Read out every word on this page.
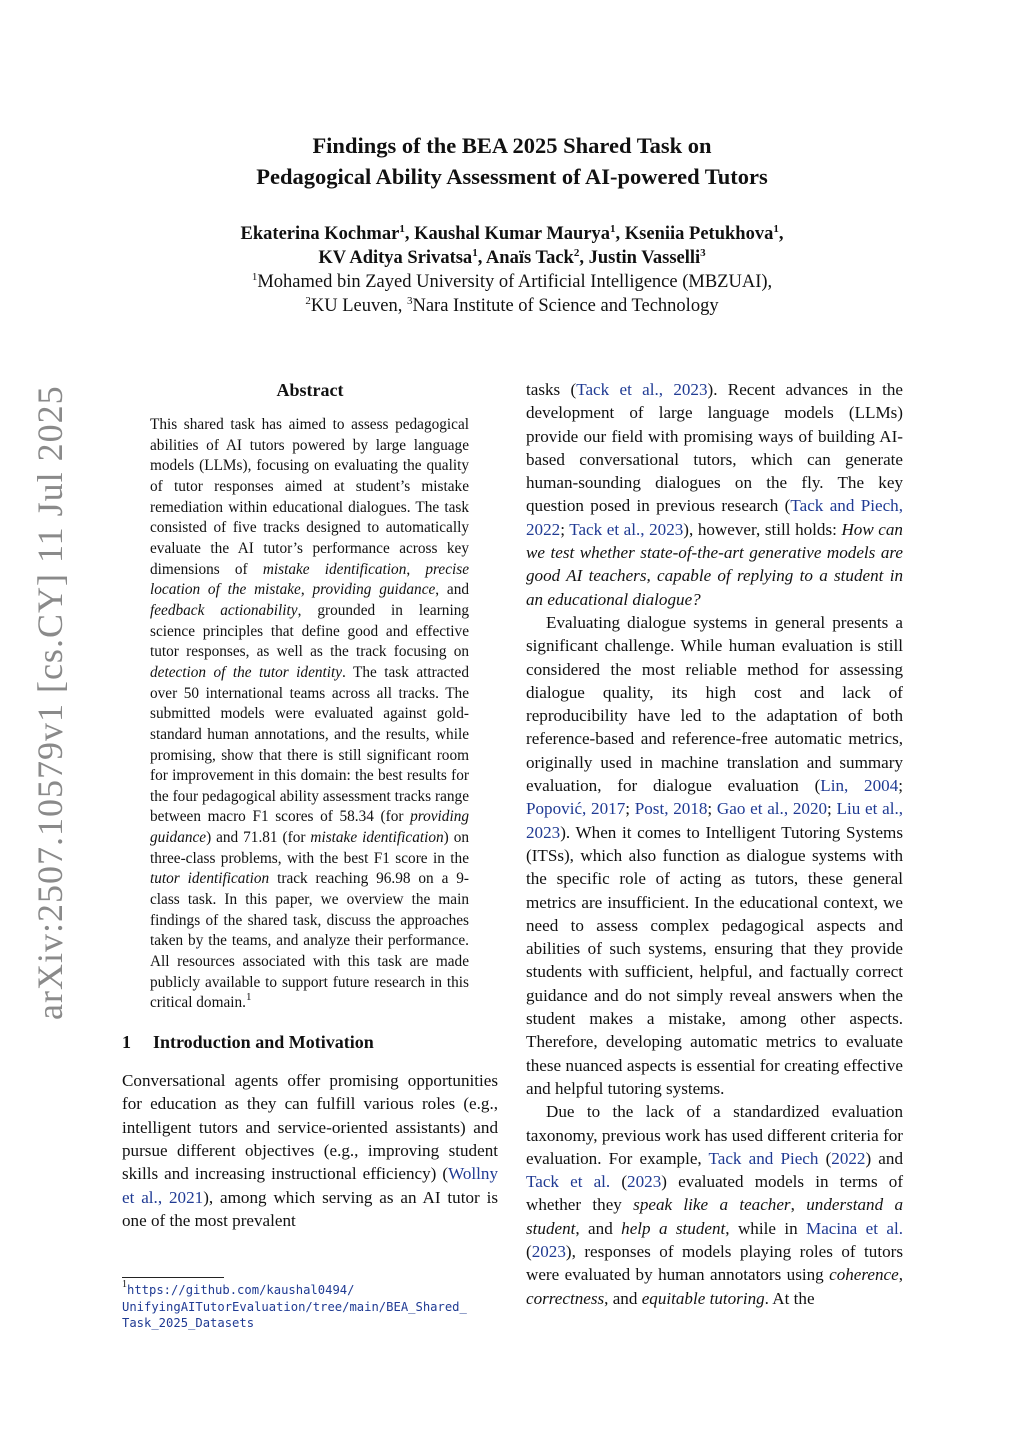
arXiv:2507.10579v1 [cs.CY] 11 Jul 2025
Findings of the BEA 2025 Shared Task on
Pedagogical Ability Assessment of AI-powered Tutors
Ekaterina Kochmar$^1$, Kaushal Kumar Maurya$^1$, Kseniia Petukhova$^1$,
KV Aditya Srivatsa$^1$, Anaïs Tack$^2$, Justin Vasselli$^3$
$^1$Mohamed bin Zayed University of Artificial Intelligence (MBZUAI),
$^2$KU Leuven, $^3$Nara Institute of Science and Technology
Abstract
This shared task has aimed to assess pedagogical abilities of AI tutors powered by large language models (LLMs), focusing on evaluating the quality of tutor responses aimed at student’s mistake remediation within educational dialogues. The task consisted of five tracks designed to automatically evaluate the AI tutor’s performance across key dimensions of mistake identification, precise location of the mistake, providing guidance, and feedback actionability, grounded in learning science principles that define good and effective tutor responses, as well as the track focusing on detection of the tutor identity. The task attracted over 50 international teams across all tracks. The submitted models were evaluated against gold-standard human annotations, and the results, while promising, show that there is still significant room for improvement in this domain: the best results for the four pedagogical ability assessment tracks range between macro F1 scores of 58.34 (for providing guidance) and 71.81 (for mistake identification) on three-class problems, with the best F1 score in the tutor identification track reaching 96.98 on a 9-class task. In this paper, we overview the main findings of the shared task, discuss the approaches taken by the teams, and analyze their performance. All resources associated with this task are made publicly available to support future research in this critical domain.$^1$
1 Introduction and Motivation

Conversational agents offer promising opportunities for education as they can fulfill various roles (e.g., intelligent tutors and service-oriented assistants) and pursue different objectives (e.g., improving student skills and increasing instructional efficiency) (Wollny et al., 2021), among which serving as an AI tutor is one of the most prevalent

tasks (Tack et al., 2023). Recent advances in the development of large language models (LLMs) provide our field with promising ways of building AI-based conversational tutors, which can generate human-sounding dialogues on the fly. The key question posed in previous research (Tack and Piech, 2022; Tack et al., 2023), however, still holds: How can we test whether state-of-the-art generative models are good AI teachers, capable of replying to a student in an educational dialogue?

Evaluating dialogue systems in general presents a significant challenge. While human evaluation is still considered the most reliable method for assessing dialogue quality, its high cost and lack of reproducibility have led to the adaptation of both reference-based and reference-free automatic metrics, originally used in machine translation and summary evaluation, for dialogue evaluation (Lin, 2004; Popović, 2017; Post, 2018; Gao et al., 2020; Liu et al., 2023). When it comes to Intelligent Tutoring Systems (ITSs), which also function as dialogue systems with the specific role of acting as tutors, these general metrics are insufficient. In the educational context, we need to assess complex pedagogical aspects and abilities of such systems, ensuring that they provide students with sufficient, helpful, and factually correct guidance and do not simply reveal answers when the student makes a mistake, among other aspects. Therefore, developing automatic metrics to evaluate these nuanced aspects is essential for creating effective and helpful tutoring systems.

Due to the lack of a standardized evaluation taxonomy, previous work has used different criteria for evaluation. For example, Tack and Piech (2022) and Tack et al. (2023) evaluated models in terms of whether they speak like a teacher, understand a student, and help a student, while in Macina et al. (2023), responses of models playing roles of tutors were evaluated by human annotators using coherence, correctness, and equitable tutoring. At the

$^1$https://github.com/kaushal0494/
UnifyingAITutorEvaluation/tree/main/BEA_Shared_
Task_2025_Datasets
